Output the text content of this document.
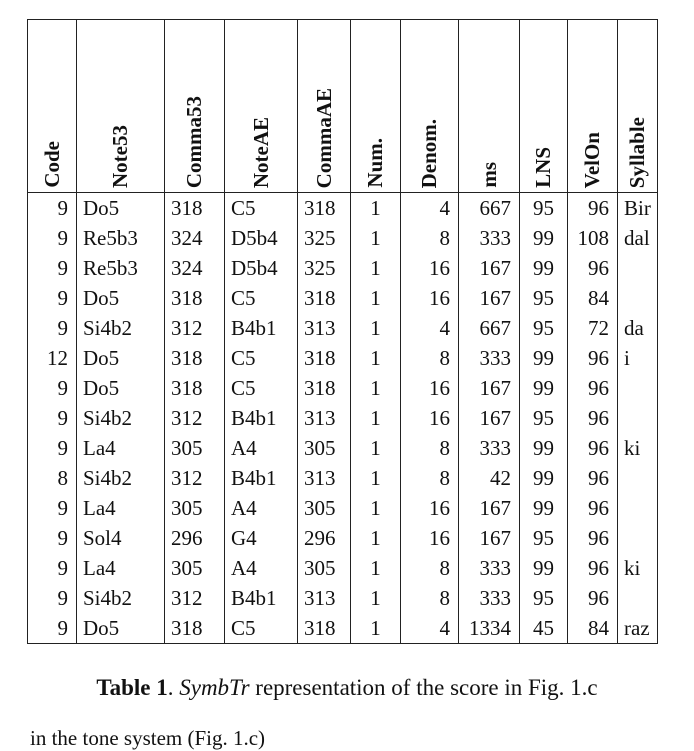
Code	Note53	Comma53	NoteAE	CommaAE	Num.	Denom.	ms	LNS	VelOn	Syllable

9	Do5	318	C5	318	1	4	667	95	96	Bir
9	Re5b3	324	D5b4	325	1	8	333	99	108	dal
9	Re5b3	324	D5b4	325	1	16	167	99	96	
9	Do5	318	C5	318	1	16	167	95	84	
9	Si4b2	312	B4b1	313	1	4	667	95	72	da
12	Do5	318	C5	318	1	8	333	99	96	i
9	Do5	318	C5	318	1	16	167	99	96	
9	Si4b2	312	B4b1	313	1	16	167	95	96	
9	La4	305	A4	305	1	8	333	99	96	ki
8	Si4b2	312	B4b1	313	1	8	42	99	96	
9	La4	305	A4	305	1	16	167	99	96	
9	Sol4	296	G4	296	1	16	167	95	96	
9	La4	305	A4	305	1	8	333	99	96	ki
9	Si4b2	312	B4b1	313	1	8	333	95	96	
9	Do5	318	C5	318	1	4	1334	45	84	raz
Table 1. SymbTr representation of the score in Fig. 1.c
in the tone system (Fig. 1.c)
